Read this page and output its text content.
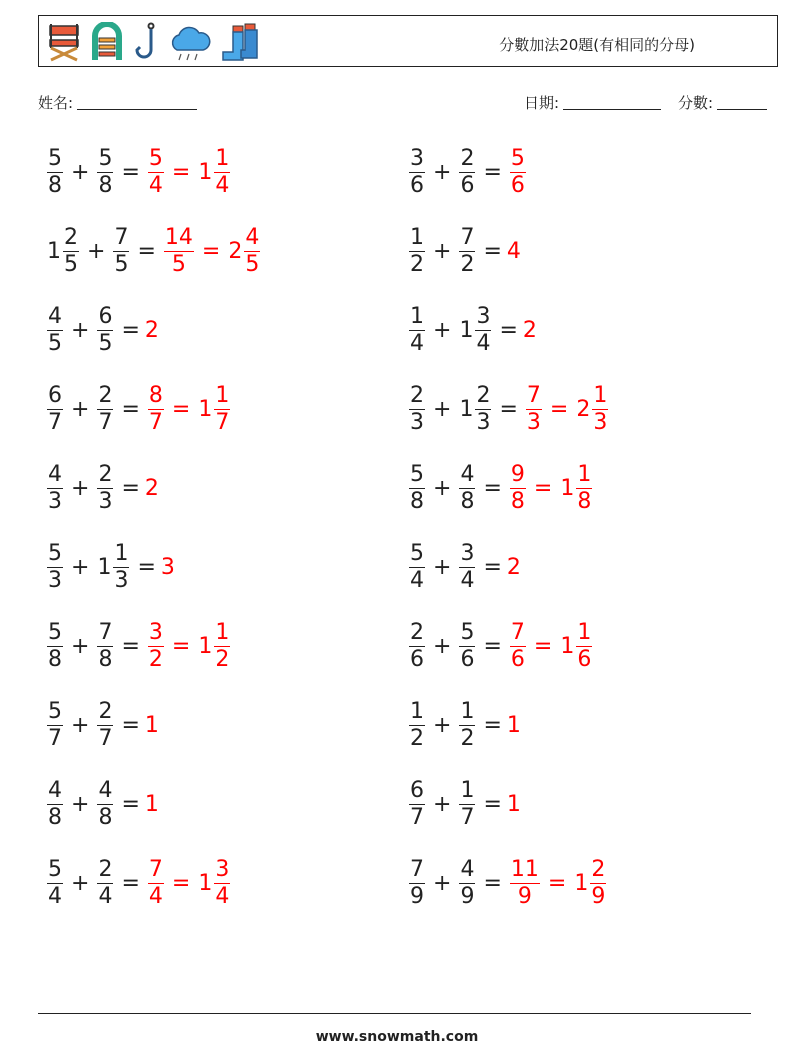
分數加法20題(有相同的分母)
姓名:	日期:	分數:
$\frac{5}{8} + \frac{5}{8} = \frac{5}{4} = 1 \frac{1}{4}$	$\frac{3}{6} + \frac{2}{6} = \frac{5}{6}$
$1 \frac{2}{5} + \frac{7}{5} = \frac{14}{5} = 2 \frac{4}{5}$	$\frac{1}{2} + \frac{7}{2} = 4$
$\frac{4}{5} + \frac{6}{5} = 2$	$\frac{1}{4} + 1 \frac{3}{4} = 2$
$\frac{6}{7} + \frac{2}{7} = \frac{8}{7} = 1 \frac{1}{7}$	$\frac{2}{3} + 1 \frac{2}{3} = \frac{7}{3} = 2 \frac{1}{3}$
$\frac{4}{3} + \frac{2}{3} = 2$	$\frac{5}{8} + \frac{4}{8} = \frac{9}{8} = 1 \frac{1}{8}$
$\frac{5}{3} + 1 \frac{1}{3} = 3$	$\frac{5}{4} + \frac{3}{4} = 2$
$\frac{5}{8} + \frac{7}{8} = \frac{3}{2} = 1 \frac{1}{2}$	$\frac{2}{6} + \frac{5}{6} = \frac{7}{6} = 1 \frac{1}{6}$
$\frac{5}{7} + \frac{2}{7} = 1$	$\frac{1}{2} + \frac{1}{2} = 1$
$\frac{4}{8} + \frac{4}{8} = 1$	$\frac{6}{7} + \frac{1}{7} = 1$
$\frac{5}{4} + \frac{2}{4} = \frac{7}{4} = 1 \frac{3}{4}$	$\frac{7}{9} + \frac{4}{9} = \frac{11}{9} = 1 \frac{2}{9}$
www.snowmath.com
